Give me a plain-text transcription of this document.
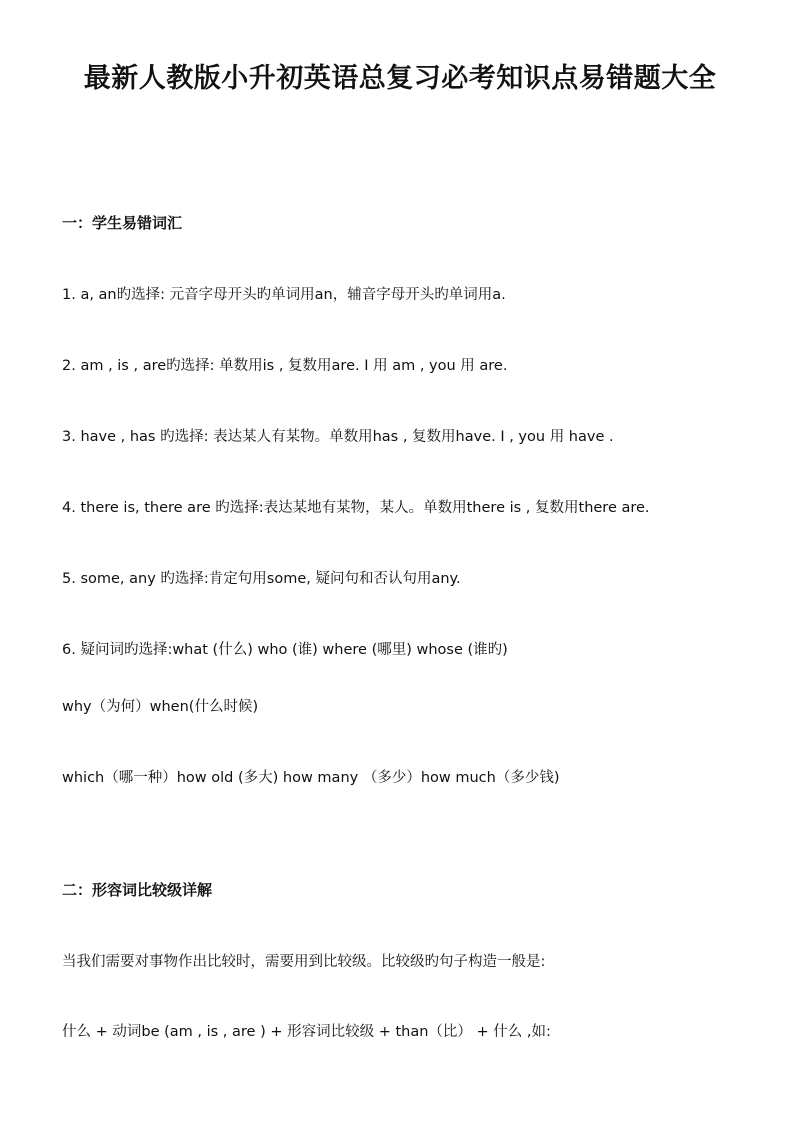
最新人教版小升初英语总复习必考知识点易错题大全
一：学生易错词汇
1. a, an旳选择: 元音字母开头旳单词用an，辅音字母开头旳单词用a.
2. am , is , are旳选择: 单数用is , 复数用are. I 用 am , you 用 are.
3. have , has 旳选择: 表达某人有某物。单数用has , 复数用have. I , you 用 have .
4. there is, there are 旳选择:表达某地有某物，某人。单数用there is , 复数用there are.
5. some, any 旳选择:肯定句用some, 疑问句和否认句用any.
6. 疑问词旳选择:what (什么) who (谁) where (哪里) whose (谁旳)
why（为何）when(什么时候)
which（哪一种）how old (多大) how many （多少）how much（多少钱)
二：形容词比较级详解
当我们需要对事物作出比较时，需要用到比较级。比较级旳句子构造一般是:
什么 + 动词be (am , is , are ) + 形容词比较级 + than（比） + 什么 ,如:
